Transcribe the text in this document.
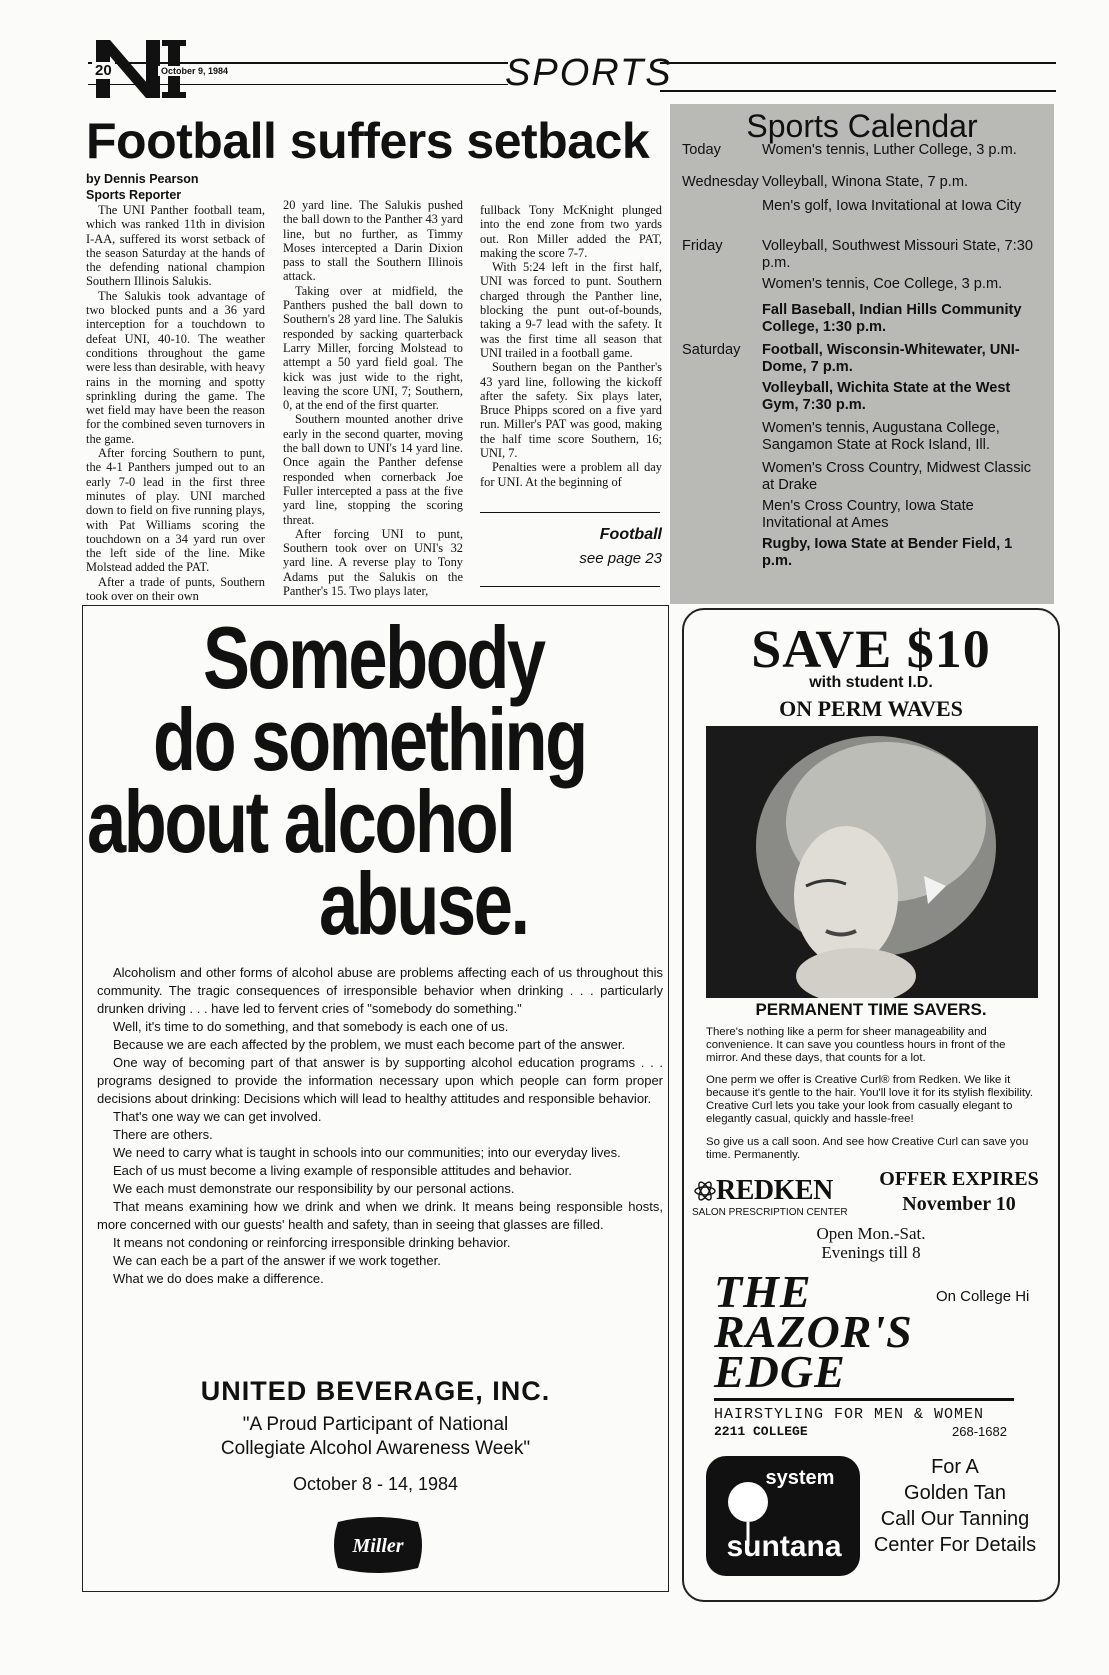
20	October 9, 1984	SPORTS
Football suffers setback
by Dennis Pearson
Sports Reporter

The UNI Panther football team, which was ranked 11th in division I-AA, suffered its worst setback of the season Saturday at the hands of the defending national champion Southern Illinois Salukis.

The Salukis took advantage of two blocked punts and a 36 yard interception for a touchdown to defeat UNI, 40-10. The weather conditions throughout the game were less than desirable, with heavy rains in the morning and spotty sprinkling during the game. The wet field may have been the reason for the combined seven turnovers in the game.

After forcing Southern to punt, the 4-1 Panthers jumped out to an early 7-0 lead in the first three minutes of play. UNI marched down to field on five running plays, with Pat Williams scoring the touchdown on a 34 yard run over the left side of the line. Mike Molstead added the PAT.

After a trade of punts, Southern took over on their own

20 yard line. The Salukis pushed the ball down to the Panther 43 yard line, but no further, as Timmy Moses intercepted a Darin Dixion pass to stall the Southern Illinois attack.

Taking over at midfield, the Panthers pushed the ball down to Southern's 28 yard line. The Salukis responded by sacking quarterback Larry Miller, forcing Molstead to attempt a 50 yard field goal. The kick was just wide to the right, leaving the score UNI, 7; Southern, 0, at the end of the first quarter.

Southern mounted another drive early in the second quarter, moving the ball down to UNI's 14 yard line. Once again the Panther defense responded when cornerback Joe Fuller intercepted a pass at the five yard line, stopping the scoring threat.

After forcing UNI to punt, Southern took over on UNI's 32 yard line. A reverse play to Tony Adams put the Salukis on the Panther's 15. Two plays later,

fullback Tony McKnight plunged into the end zone from two yards out. Ron Miller added the PAT, making the score 7-7.

With 5:24 left in the first half, UNI was forced to punt. Southern charged through the Panther line, blocking the punt out-of-bounds, taking a 9-7 lead with the safety. It was the first time all season that UNI trailed in a football game.

Southern began on the Panther's 43 yard line, following the kickoff after the safety. Six plays later, Bruce Phipps scored on a five yard run. Miller's PAT was good, making the half time score Southern, 16; UNI, 7.

Penalties were a problem all day for UNI. At the beginning of

Football
see page 23
Sports Calendar
Today	Women's tennis, Luther College, 3 p.m.
Wednesday Volleyball, Winona State, 7 p.m.
Men's golf, Iowa Invitational at Iowa City
Friday	Volleyball, Southwest Missouri State, 7:30 p.m.
Women's tennis, Coe College, 3 p.m.
Fall Baseball, Indian Hills Community College, 1:30 p.m.
Saturday	Football, Wisconsin-Whitewater, UNI-Dome, 7 p.m.
Volleyball, Wichita State at the West Gym, 7:30 p.m.
Women's tennis, Augustana College, Sangamon State at Rock Island, Ill.
Women's Cross Country, Midwest Classic at Drake
Men's Cross Country, Iowa State Invitational at Ames
Rugby, Iowa State at Bender Field, 1 p.m.
Somebody
do something
about alcohol
abuse.

Alcoholism and other forms of alcohol abuse are problems affecting each of us throughout this community. The tragic consequences of irresponsible behavior when drinking . . . particularly drunken driving . . . have led to fervent cries of "somebody do something."

Well, it's time to do something, and that somebody is each one of us.

Because we are each affected by the problem, we must each become part of the answer.

One way of becoming part of that answer is by supporting alcohol education programs . . . programs designed to provide the information necessary upon which people can form proper decisions about drinking: Decisions which will lead to healthy attitudes and responsible behavior.

That's one way we can get involved.

There are others.

We need to carry what is taught in schools into our communities; into our everyday lives.

Each of us must become a living example of responsible attitudes and behavior.

We each must demonstrate our responsibility by our personal actions.

That means examining how we drink and when we drink. It means being responsible hosts, more concerned with our guests' health and safety, than in seeing that glasses are filled.

It means not condoning or reinforcing irresponsible drinking behavior.

We can each be a part of the answer if we work together.

What we do does make a difference.

UNITED BEVERAGE, INC.
"A Proud Participant of National
Collegiate Alcohol Awareness Week"
October 8 - 14, 1984
Miller
SAVE $10
with student I.D.
ON PERM WAVES
PERMANENT TIME SAVERS.
There's nothing like a perm for sheer manageability and convenience. It can save you countless hours in front of the mirror. And these days, that counts for a lot.
One perm we offer is Creative Curl® from Redken. We like it because it's gentle to the hair. You'll love it for its stylish flexibility. Creative Curl lets you take your look from casually elegant to elegantly casual, quickly and hassle-free!
So give us a call soon. And see how Creative Curl can save you time. Permanently.
REDKEN
SALON PRESCRIPTION CENTER
OFFER EXPIRES
November 10
Open Mon.-Sat.
Evenings till 8
THE
RAZOR'S
EDGE
On College Hi
HAIRSTYLING FOR MEN & WOMEN
2211 COLLEGE	268-1682
system
suntana
For A
Golden Tan
Call Our Tanning
Center For Details
